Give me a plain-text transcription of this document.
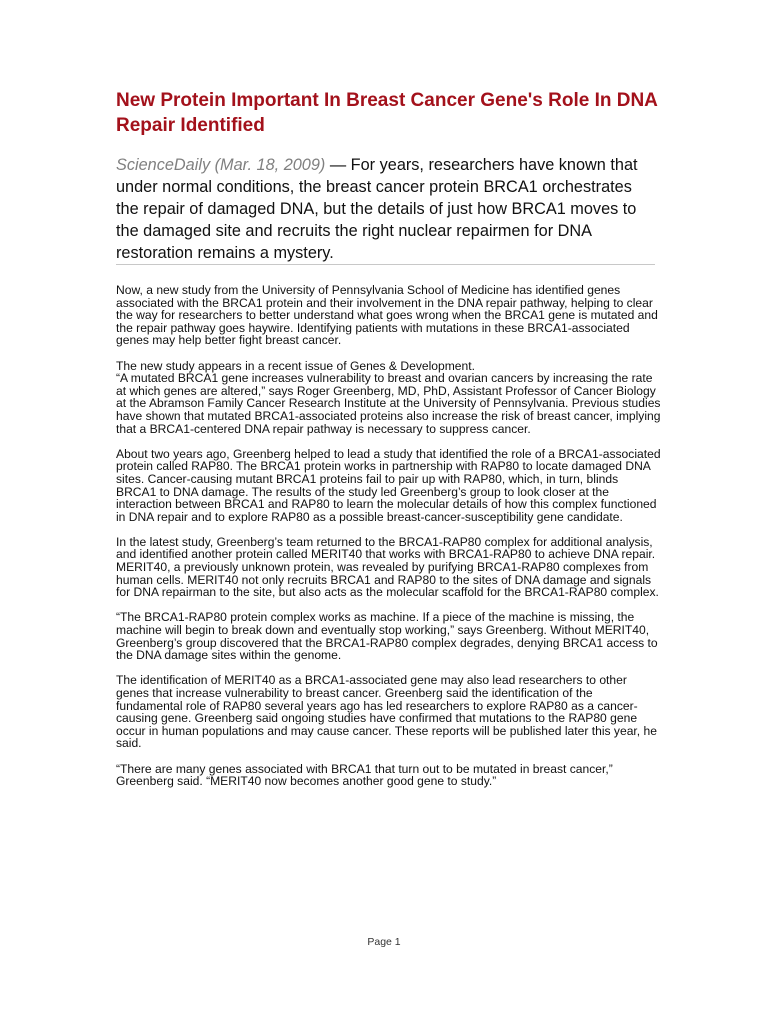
New Protein Important In Breast Cancer Gene's Role In DNA Repair Identified

ScienceDaily (Mar. 18, 2009) — For years, researchers have known that under normal conditions, the breast cancer protein BRCA1 orchestrates the repair of damaged DNA, but the details of just how BRCA1 moves to the damaged site and recruits the right nuclear repairmen for DNA restoration remains a mystery.

Now, a new study from the University of Pennsylvania School of Medicine has identified genes associated with the BRCA1 protein and their involvement in the DNA repair pathway, helping to clear the way for researchers to better understand what goes wrong when the BRCA1 gene is mutated and the repair pathway goes haywire. Identifying patients with mutations in these BRCA1-associated genes may help better fight breast cancer.

The new study appears in a recent issue of Genes & Development.

“A mutated BRCA1 gene increases vulnerability to breast and ovarian cancers by increasing the rate at which genes are altered,” says Roger Greenberg, MD, PhD, Assistant Professor of Cancer Biology at the Abramson Family Cancer Research Institute at the University of Pennsylvania. Previous studies have shown that mutated BRCA1-associated proteins also increase the risk of breast cancer, implying that a BRCA1-centered DNA repair pathway is necessary to suppress cancer.

About two years ago, Greenberg helped to lead a study that identified the role of a BRCA1-associated protein called RAP80. The BRCA1 protein works in partnership with RAP80 to locate damaged DNA sites. Cancer-causing mutant BRCA1 proteins fail to pair up with RAP80, which, in turn, blinds BRCA1 to DNA damage. The results of the study led Greenberg’s group to look closer at the interaction between BRCA1 and RAP80 to learn the molecular details of how this complex functioned in DNA repair and to explore RAP80 as a possible breast-cancer-susceptibility gene candidate.

In the latest study, Greenberg’s team returned to the BRCA1-RAP80 complex for additional analysis, and identified another protein called MERIT40 that works with BRCA1-RAP80 to achieve DNA repair. MERIT40, a previously unknown protein, was revealed by purifying BRCA1-RAP80 complexes from human cells. MERIT40 not only recruits BRCA1 and RAP80 to the sites of DNA damage and signals for DNA repairman to the site, but also acts as the molecular scaffold for the BRCA1-RAP80 complex.

“The BRCA1-RAP80 protein complex works as machine. If a piece of the machine is missing, the machine will begin to break down and eventually stop working,” says Greenberg. Without MERIT40, Greenberg’s group discovered that the BRCA1-RAP80 complex degrades, denying BRCA1 access to the DNA damage sites within the genome.

The identification of MERIT40 as a BRCA1-associated gene may also lead researchers to other genes that increase vulnerability to breast cancer. Greenberg said the identification of the fundamental role of RAP80 several years ago has led researchers to explore RAP80 as a cancer-causing gene. Greenberg said ongoing studies have confirmed that mutations to the RAP80 gene occur in human populations and may cause cancer. These reports will be published later this year, he said.

“There are many genes associated with BRCA1 that turn out to be mutated in breast cancer,” Greenberg said. “MERIT40 now becomes another good gene to study.”

Page 1
